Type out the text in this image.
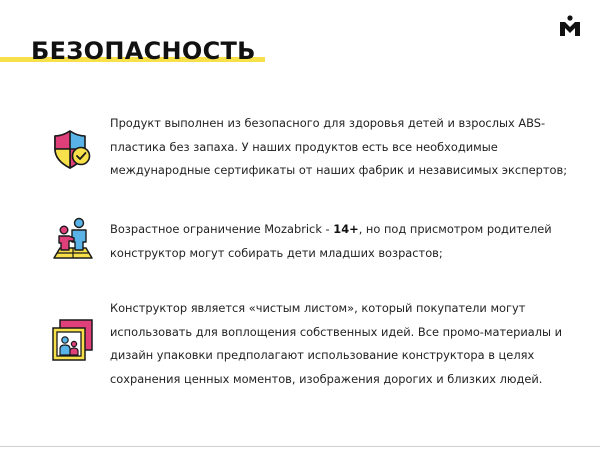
БЕЗОПАСНОСТЬ

Продукт выполнен из безопасного для здоровья детей и взрослых ABS-пластика без запаха. У наших продуктов есть все необходимые международные сертификаты от наших фабрик и независимых экспертов;

Возрастное ограничение Mozabrick - 14+, но под присмотром родителей конструктор могут собирать дети младших возрастов;

Конструктор является «чистым листом», который покупатели могут использовать для воплощения собственных идей. Все промо-материалы и дизайн упаковки предполагают использование конструктора в целях сохранения ценных моментов, изображения дорогих и близких людей.
